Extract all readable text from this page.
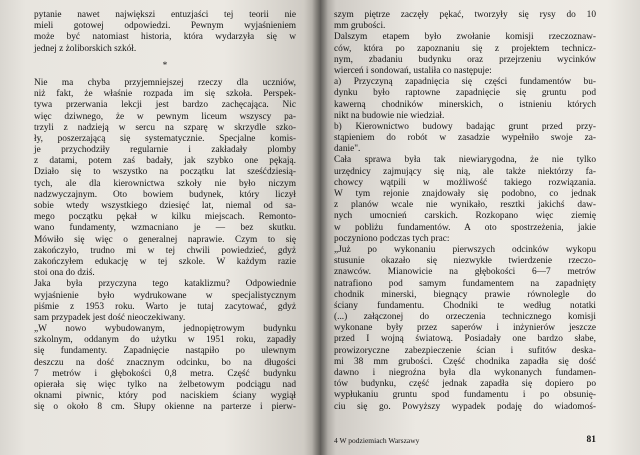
pytanie nawet największi entuzjaści tej teorii nie
mieli gotowej odpowiedzi. Pewnym wyjaśnieniem
może być natomiast historia, która wydarzyła się w
jednej z żoliborskich szkół.
*
Nie ma chyba przyjemniejszej rzeczy dla uczniów,
niż fakt, że właśnie rozpada im się szkoła. Perspek-
tywa przerwania lekcji jest bardzo zachęcająca. Nic
więc dziwnego, że w pewnym liceum wszyscy pa-
trzyli z nadzieją w sercu na szparę w skrzydle szko-
ły, poszerzającą się systematycznie. Specjalne komis-
je przychodziły regularnie i zakładały plomby
z datami, potem zaś badały, jak szybko one pękają.
Działo się to wszystko na początku lat sześćdziesią-
tych, ale dla kierownictwa szkoły nie było niczym
nadzwyczajnym. Oto bowiem budynek, który liczył
sobie wtedy wszystkiego dziesięć lat, niemal od sa-
mego początku pękał w kilku miejscach. Remonto-
wano fundamenty, wzmacniano je — bez skutku.
Mówiło się więc o generalnej naprawie. Czym to się
zakończyło, trudno mi w tej chwili powiedzieć, gdyż
zakończyłem edukację w tej szkole. W każdym razie
stoi ona do dziś.
Jaka była przyczyna tego kataklizmu? Odpowiednie
wyjaśnienie było wydrukowane w specjalistycznym
piśmie z 1953 roku. Warto je tutaj zacytować, gdyż
sam przypadek jest dość nieoczekiwany.
„W nowo wybudowanym, jednopiętrowym budynku
szkolnym, oddanym do użytku w 1951 roku, zapadły
się fundamenty. Zapadnięcie nastąpiło po ulewnym
deszczu na dość znacznym odcinku, bo na długości
7 metrów i głębokości 0,8 metra. Część budynku
opierała się więc tylko na żelbetowym podciągu nad
oknami piwnic, który pod naciskiem ściany wygiął
się o około 8 cm. Słupy okienne na parterze i pierw-
szym piętrze zaczęły pękać, tworzyły się rysy do 10
mm grubości.
Dalszym etapem było zwołanie komisji rzeczoznaw-
ców, która po zapoznaniu się z projektem technicz-
nym, zbadaniu budynku oraz przejrzeniu wycinków
wierceń i sondowań, ustaliła co następuje:
a) Przyczyną zapadnięcia się części fundamentów bu-
dynku było raptowne zapadnięcie się gruntu pod
kawerną chodników minerskich, o istnieniu których
nikt na budowie nie wiedział.
b) Kierownictwo budowy badając grunt przed przy-
stąpieniem do robót w zasadzie wypełniło swoje za-
danie".
Cała sprawa była tak niewiarygodna, że nie tylko
urzędnicy zajmujący się nią, ale także niektórzy fa-
chowcy wątpili w możliwość takiego rozwiązania.
W tym rejonie znajdowały się podobno, co jednak
z planów wcale nie wynikało, resztki jakichś daw-
nych umocnień carskich. Rozkopano więc ziemię
w pobliżu fundamentów. A oto spostrzeżenia, jakie
poczyniono podczas tych prac:
„Już po wykonaniu pierwszych odcinków wykopu
stusunie okazało się niezwykłe twierdzenie rzeczo-
znawców. Mianowicie na głębokości 6—7 metrów
natrafiono pod samym fundamentem na zapadnięty
chodnik minerski, biegnący prawie równolegle do
ściany fundamentu. Chodniki te według notatki
(...) załączonej do orzeczenia technicznego komisji
wykonane były przez saperów i inżynierów jeszcze
przed I wojną światową. Posiadały one bardzo słabe,
prowizoryczne zabezpieczenie ścian i sufitów deska-
mi 38 mm grubości. Część chodnika zapadła się dość
dawno i niegroźna była dla wykonanych fundamen-
tów budynku, część jednak zapadła się dopiero po
wypłukaniu gruntu spod fundamentu i po obsunię-
ciu się go. Powyższy wypadek podaję do wiadomoś-
4 W podziemiach Warszawy	81
